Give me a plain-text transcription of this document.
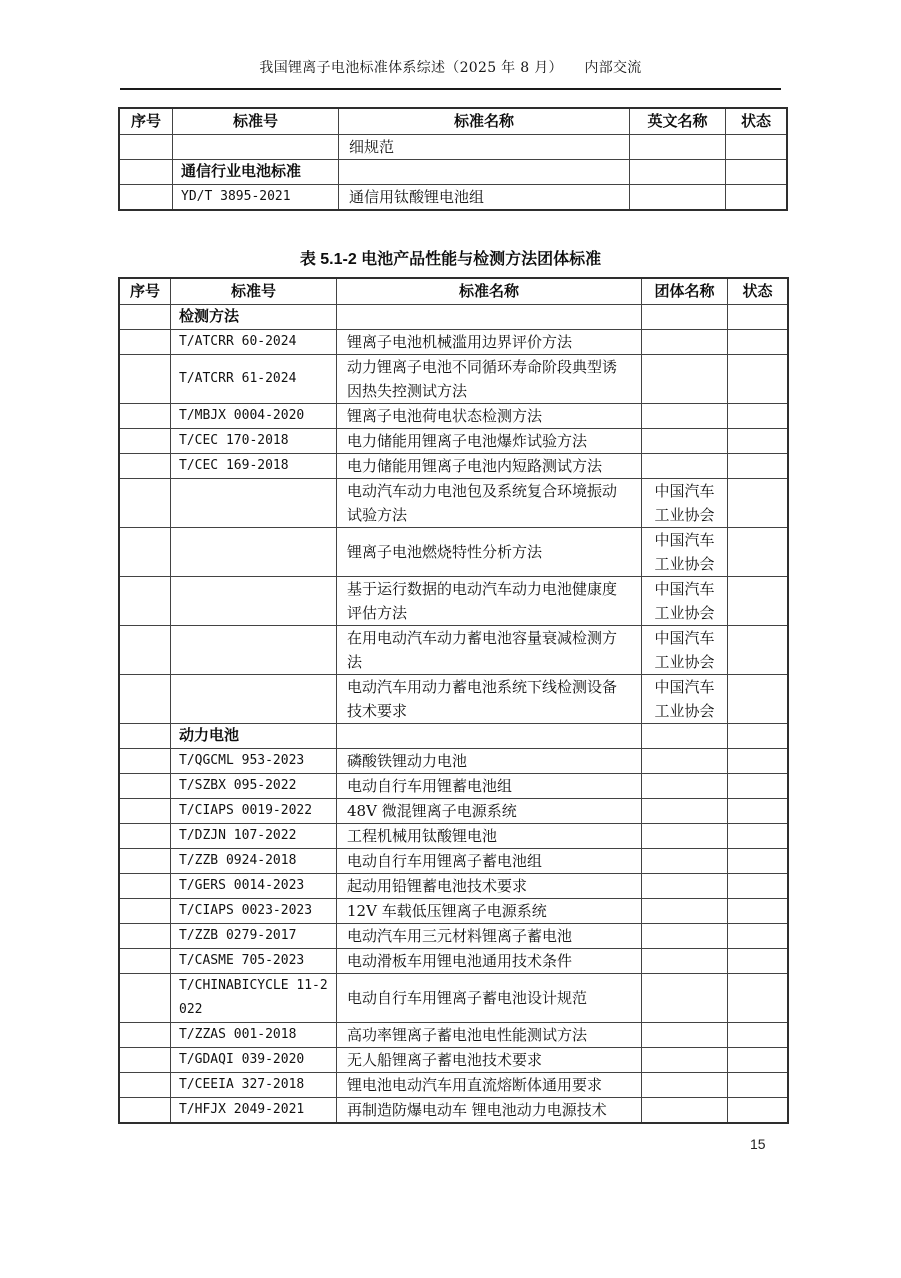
我国锂离子电池标准体系综述（2025 年 8 月）　　内部交流
序号	标准号	标准名称	英文名称	状态
		细规范		
	通信行业电池标准			
	YD/T 3895-2021	通信用钛酸锂电池组		
表 5.1-2 电池产品性能与检测方法团体标准
序号	标准号	标准名称	团体名称	状态
	检测方法			
	T/ATCRR 60-2024	锂离子电池机械滥用边界评价方法		
	T/ATCRR 61-2024	动力锂离子电池不同循环寿命阶段典型诱因热失控测试方法		
	T/MBJX 0004-2020	锂离子电池荷电状态检测方法		
	T/CEC 170-2018	电力储能用锂离子电池爆炸试验方法		
	T/CEC 169-2018	电力储能用锂离子电池内短路测试方法		
		电动汽车动力电池包及系统复合环境振动试验方法	中国汽车工业协会	
		锂离子电池燃烧特性分析方法	中国汽车工业协会	
		基于运行数据的电动汽车动力电池健康度评估方法	中国汽车工业协会	
		在用电动汽车动力蓄电池容量衰减检测方法	中国汽车工业协会	
		电动汽车用动力蓄电池系统下线检测设备技术要求	中国汽车工业协会	
	动力电池			
	T/QGCML 953-2023	磷酸铁锂动力电池		
	T/SZBX 095-2022	电动自行车用锂蓄电池组		
	T/CIAPS 0019-2022	48V 微混锂离子电源系统		
	T/DZJN 107-2022	工程机械用钛酸锂电池		
	T/ZZB 0924-2018	电动自行车用锂离子蓄电池组		
	T/GERS 0014-2023	起动用铅锂蓄电池技术要求		
	T/CIAPS 0023-2023	12V 车载低压锂离子电源系统		
	T/ZZB 0279-2017	电动汽车用三元材料锂离子蓄电池		
	T/CASME 705-2023	电动滑板车用锂电池通用技术条件		
	T/CHINABICYCLE 11-2022	电动自行车用锂离子蓄电池设计规范		
	T/ZZAS 001-2018	高功率锂离子蓄电池电性能测试方法		
	T/GDAQI 039-2020	无人船锂离子蓄电池技术要求		
	T/CEEIA 327-2018	锂电池电动汽车用直流熔断体通用要求		
	T/HFJX 2049-2021	再制造防爆电动车 锂电池动力电源技术		
15
